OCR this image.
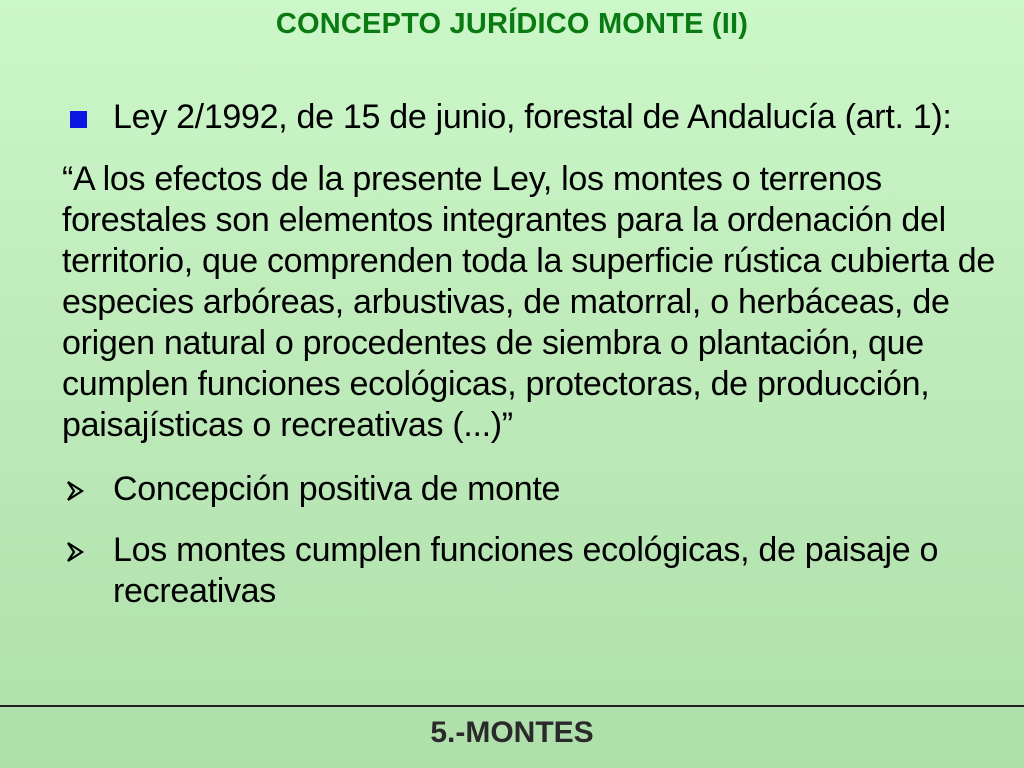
CONCEPTO JURÍDICO MONTE (II)
Ley 2/1992, de 15 de junio, forestal de Andalucía (art. 1):
“A los efectos de la presente Ley, los montes o terrenos forestales son elementos integrantes para la ordenación del territorio, que comprenden toda la superficie rústica cubierta de especies arbóreas, arbustivas, de matorral, o herbáceas, de origen natural o procedentes de siembra o plantación, que cumplen funciones ecológicas, protectoras, de producción, paisajísticas o recreativas (...)”
Concepción positiva de monte
Los montes cumplen funciones ecológicas, de paisaje o recreativas
5.-MONTES
